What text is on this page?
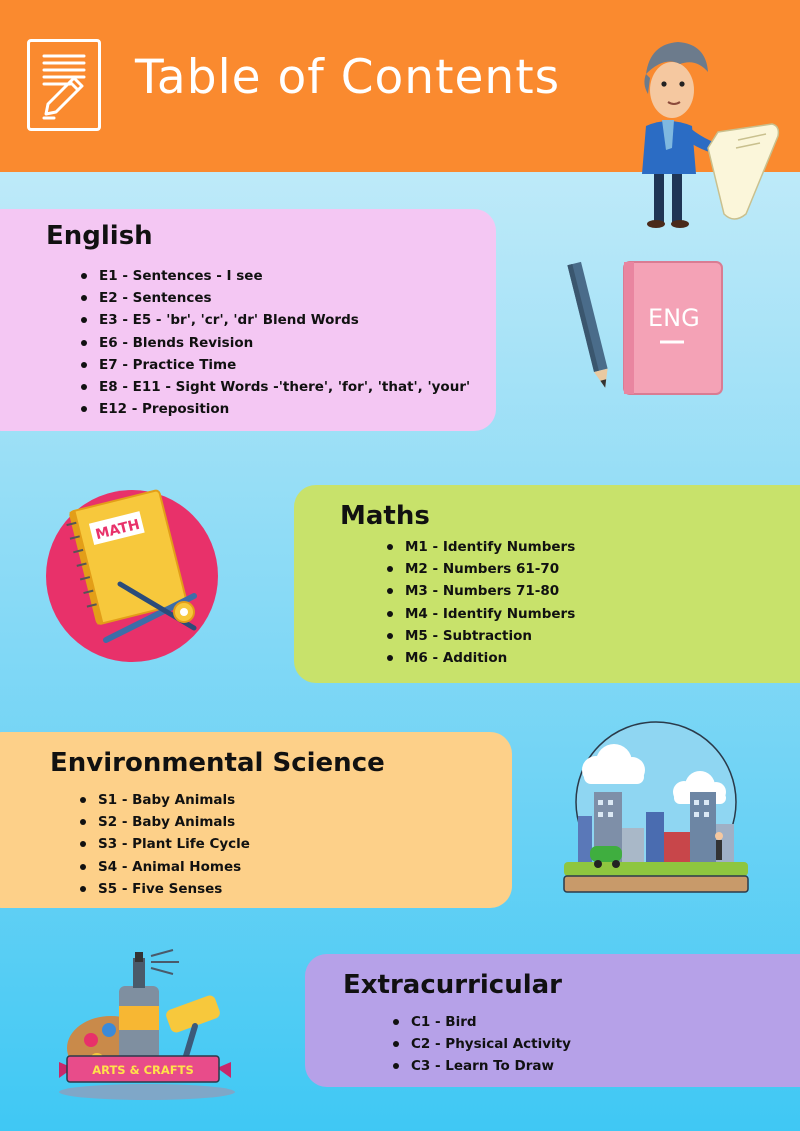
Table of Contents
English
E1 - Sentences - I see
E2 - Sentences
E3 - E5 - 'br', 'cr', 'dr' Blend Words
E6 - Blends Revision
E7 - Practice Time
E8 - E11 - Sight Words -'there', 'for', 'that', 'your'
E12 - Preposition
ENG
MATH	Maths
M1 - Identify Numbers
M2 - Numbers 61-70
M3 - Numbers 71-80
M4 - Identify Numbers
M5 - Subtraction
M6 - Addition
Environmental Science
S1 - Baby Animals
S2 - Baby Animals
S3 - Plant Life Cycle
S4 - Animal Homes
S5 - Five Senses
ARTS & CRAFTS
Extracurricular
C1 - Bird
C2 - Physical Activity
C3 - Learn To Draw
